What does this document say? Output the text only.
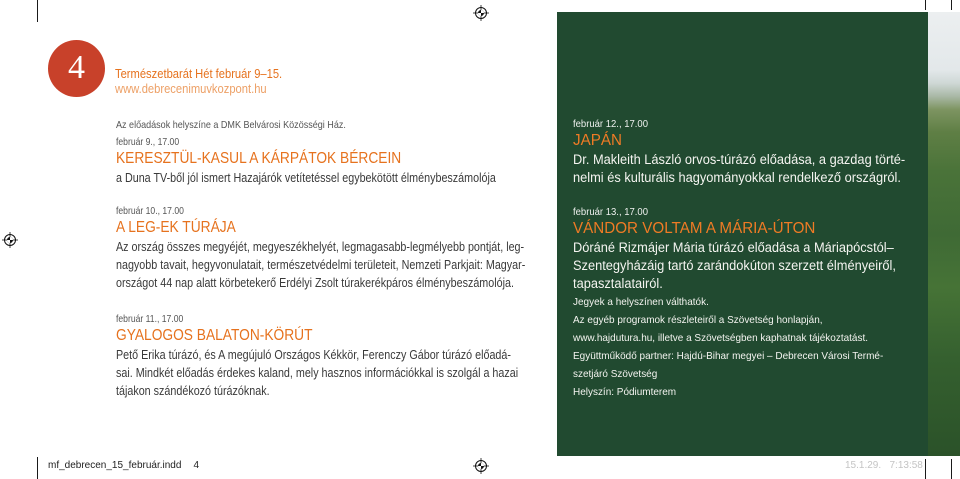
4	Természetbarát Hét február 9–15.
www.debrecenimuvkozpont.hu
Az előadások helyszíne a DMK Belvárosi Közösségi Ház.
február 9., 17.00
KERESZTÜL-KASUL A KÁRPÁTOK BÉRCEIN
a Duna TV-ből jól ismert Hazajárók vetítetéssel egybekötött élménybeszámolója
február 10., 17.00
A LEG-EK TÚRÁJA
Az ország összes megyéjét, megyeszékhelyét, legmagasabb-legmélyebb pontját, leg-
nagyobb tavait, hegyvonulatait, természetvédelmi területeit, Nemzeti Parkjait: Magyar-
országot 44 nap alatt körbetekerő Erdélyi Zsolt túrakerékpáros élménybeszámolója.
február 11., 17.00
GYALOGOS BALATON-KÖRÚT
Pető Erika túrázó, és A megújuló Országos Kékkör, Ferenczy Gábor túrázó előadá-
sai. Mindkét előadás érdekes kaland, mely hasznos információkkal is szolgál a hazai
tájakon szándékozó túrázóknak.
február 12., 17.00
JAPÁN
Dr. Makleith László orvos-túrázó előadása, a gazdag törté-
nelmi és kulturális hagyományokkal rendelkező országról.
február 13., 17.00
VÁNDOR VOLTAM A MÁRIA-ÚTON
Dóráné Rizmájer Mária túrázó előadása a Máriapócstól–
Szentegyházáig tartó zarándokúton szerzett élményeiről,
tapasztalatairól.
Jegyek a helyszínen válthatók.
Az egyéb programok részleteiről a Szövetség honlapján,
www.hajdutura.hu, illetve a Szövetségben kaphatnak tájékoztatást.
Együttműködő partner: Hajdú-Bihar megyei – Debrecen Városi Termé-
szetjáró Szövetség
Helyszín: Pódiumterem
mf_debrecen_15_február.indd 4	15.1.29.   7:13:58
